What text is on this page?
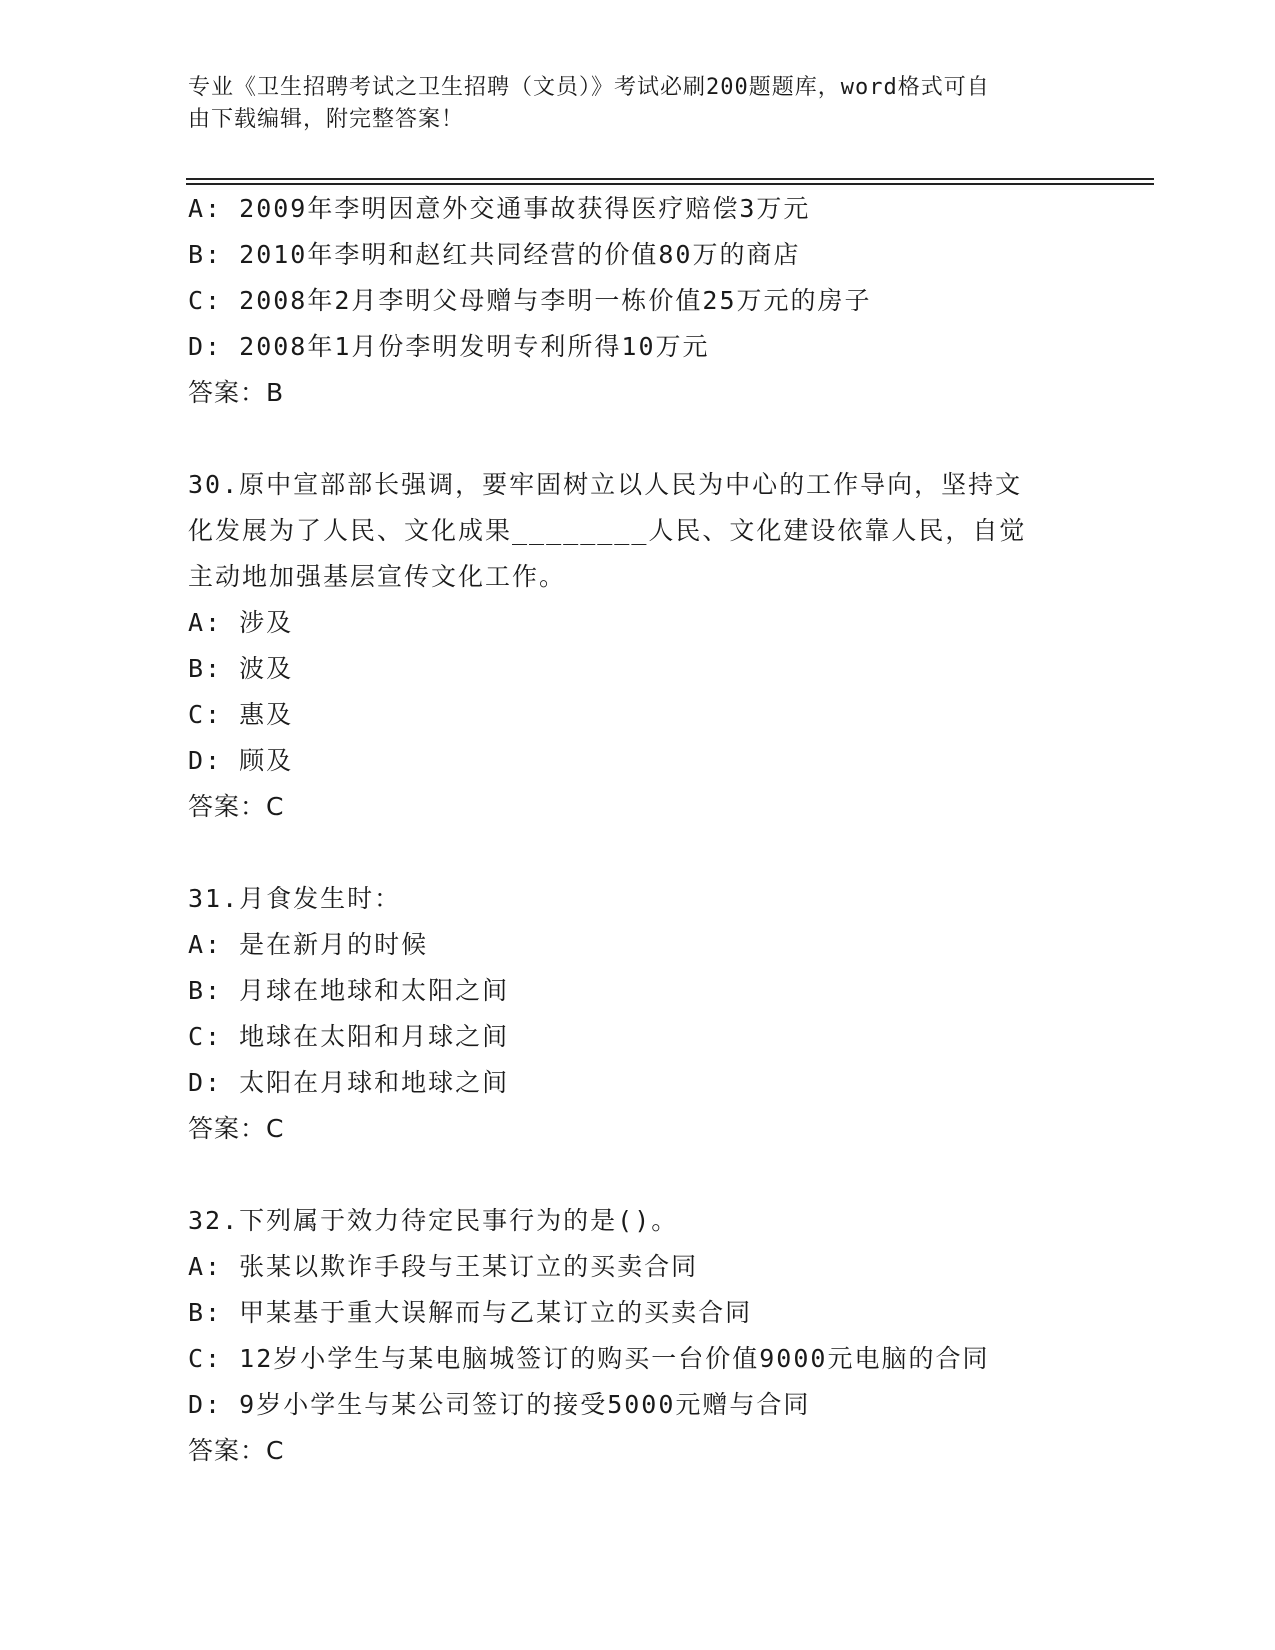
专业《卫生招聘考试之卫生招聘（文员）》考试必刷200题题库，word格式可自
由下载编辑，附完整答案！
A: 2009年李明因意外交通事故获得医疗赔偿3万元
B: 2010年李明和赵红共同经营的价值80万的商店
C: 2008年2月李明父母赠与李明一栋价值25万元的房子
D: 2008年1月份李明发明专利所得10万元
答案：B
30.原中宣部部长强调，要牢固树立以人民为中心的工作导向，坚持文
化发展为了人民、文化成果________人民、文化建设依靠人民，自觉
主动地加强基层宣传文化工作。
A: 涉及
B: 波及
C: 惠及
D: 顾及
答案：C
31.月食发生时：
A: 是在新月的时候
B: 月球在地球和太阳之间
C: 地球在太阳和月球之间
D: 太阳在月球和地球之间
答案：C
32.下列属于效力待定民事行为的是()。
A: 张某以欺诈手段与王某订立的买卖合同
B: 甲某基于重大误解而与乙某订立的买卖合同
C: 12岁小学生与某电脑城签订的购买一台价值9000元电脑的合同
D: 9岁小学生与某公司签订的接受5000元赠与合同
答案：C
